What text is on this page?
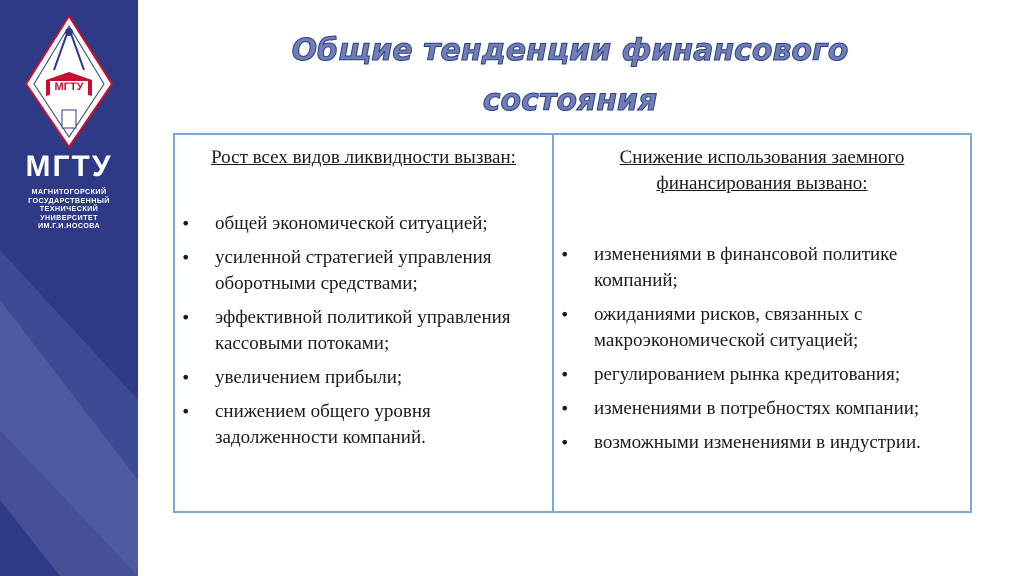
МГТУ
МГТУ
МАГНИТОГОРСКИЙ
ГОСУДАРСТВЕННЫЙ
ТЕХНИЧЕСКИЙ
УНИВЕРСИТЕТ
ИМ.Г.И.НОСОВА
Общие тенденции финансового
состояния
Рост всех видов ликвидности вызван:
• общей экономической ситуацией;
• усиленной стратегией управления оборотными средствами;
• эффективной политикой управления кассовыми потоками;
• увеличением прибыли;
• снижением общего уровня задолженности компаний.
Снижение использования заемного финансирования вызвано:
• изменениями в финансовой политике компаний;
• ожиданиями рисков, связанных с макроэкономической ситуацией;
• регулированием рынка кредитования;
• изменениями в потребностях компании;
• возможными изменениями в индустрии.
